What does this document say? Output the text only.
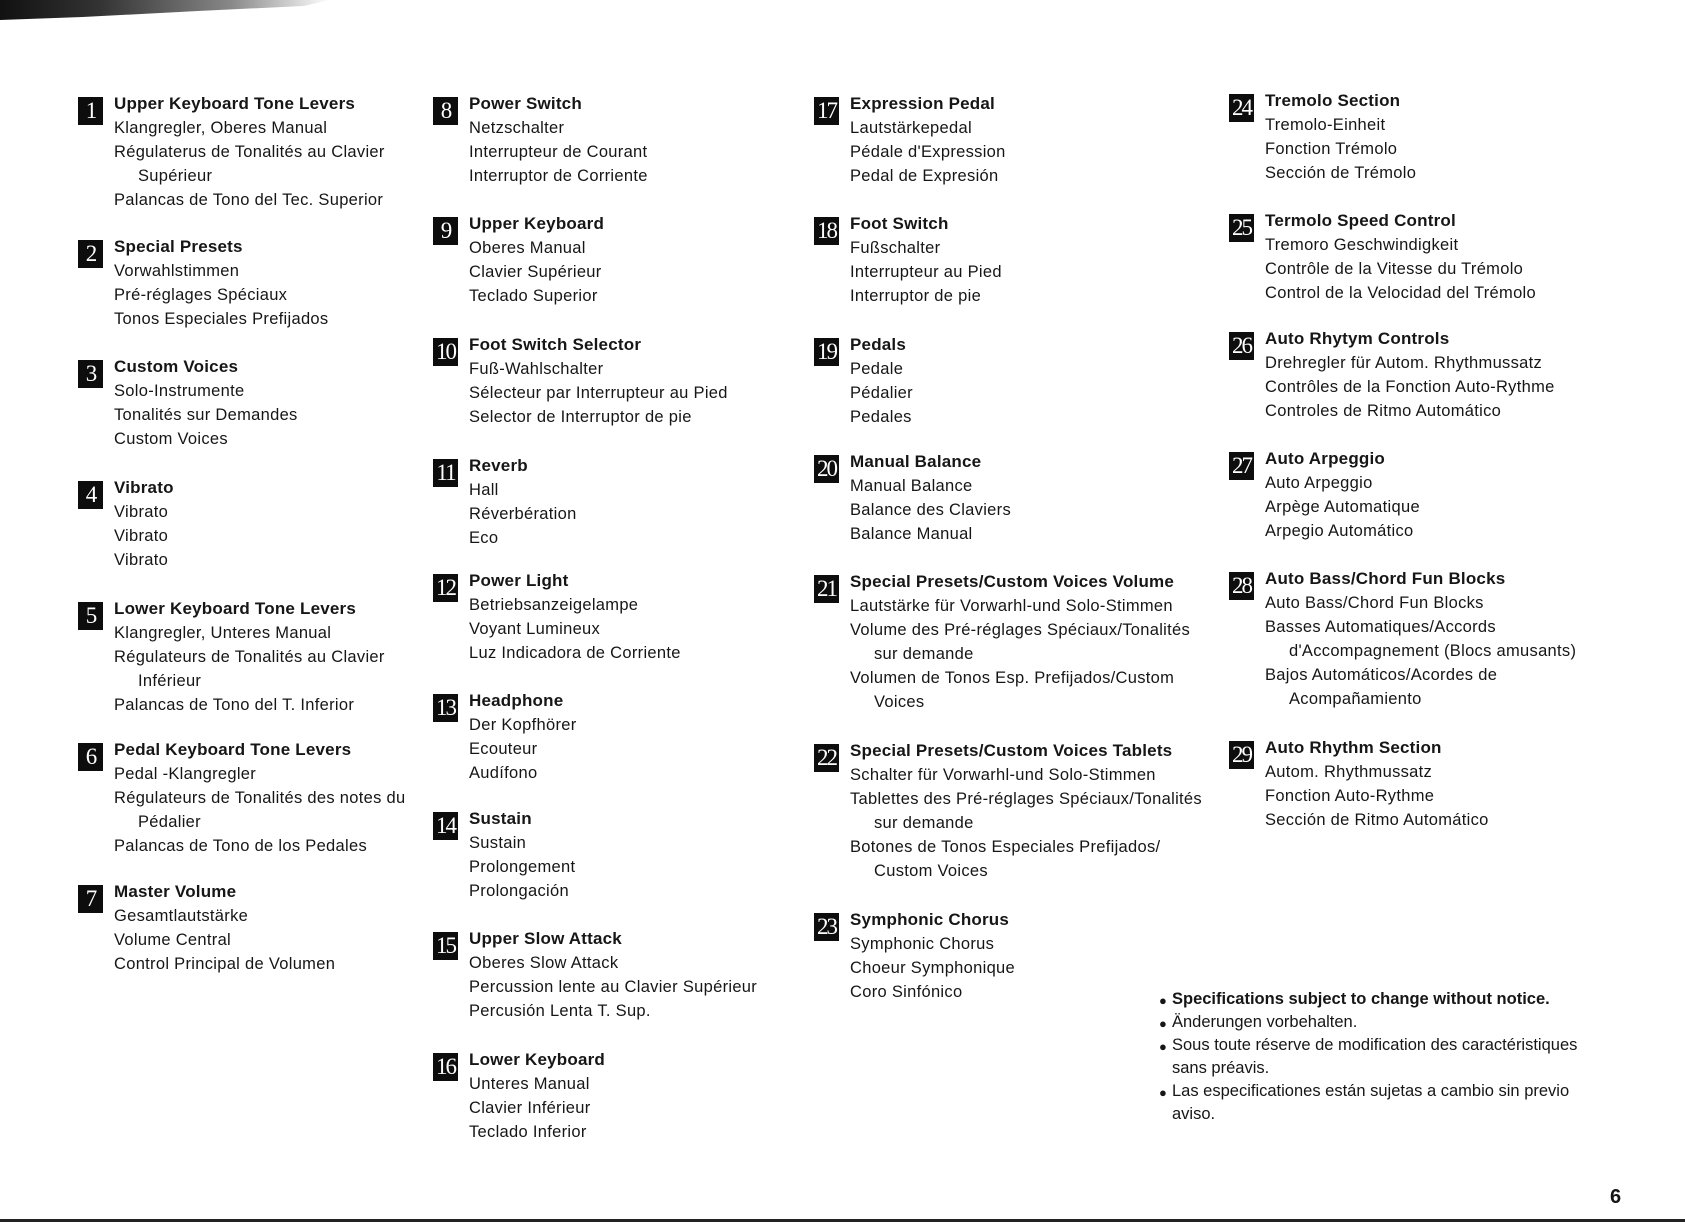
1	Upper Keyboard Tone Levers
Klangregler, Oberes Manual
Régulaterus de Tonalités au Clavier
Supérieur
Palancas de Tono del Tec. Superior
2	Special Presets
Vorwahlstimmen
Pré-réglages Spéciaux
Tonos Especiales Prefijados
3	Custom Voices
Solo-Instrumente
Tonalités sur Demandes
Custom Voices
4	Vibrato
Vibrato
Vibrato
Vibrato
5	Lower Keyboard Tone Levers
Klangregler, Unteres Manual
Régulateurs de Tonalités au Clavier
Inférieur
Palancas de Tono del T. Inferior
6	Pedal Keyboard Tone Levers
Pedal -Klangregler
Régulateurs de Tonalités des notes du
Pédalier
Palancas de Tono de los Pedales
7	Master Volume
Gesamtlautstärke
Volume Central
Control Principal de Volumen
8	Power Switch
Netzschalter
Interrupteur de Courant
Interruptor de Corriente
9	Upper Keyboard
Oberes Manual
Clavier Supérieur
Teclado Superior
10 Foot Switch Selector
Fuß-Wahlschalter
Sélecteur par Interrupteur au Pied
Selector de Interruptor de pie
11 Reverb
Hall
Réverbération
Eco
12 Power Light
Betriebsanzeigelampe
Voyant Lumineux
Luz Indicadora de Corriente
13 Headphone
Der Kopfhörer
Ecouteur
Audífono
14 Sustain
Sustain
Prolongement
Prolongación
15 Upper Slow Attack
Oberes Slow Attack
Percussion lente au Clavier Supérieur
Percusión Lenta T. Sup.
16 Lower Keyboard
Unteres Manual
Clavier Inférieur
Teclado Inferior
17 Expression Pedal
Lautstärkepedal
Pédale d'Expression
Pedal de Expresión
18 Foot Switch
Fußschalter
Interrupteur au Pied
Interruptor de pie
19 Pedals
Pedale
Pédalier
Pedales
20 Manual Balance
Manual Balance
Balance des Claviers
Balance Manual
21 Special Presets/Custom Voices Volume
Lautstärke für Vorwarhl-und Solo-Stimmen
Volume des Pré-réglages Spéciaux/Tonalités
sur demande
Volumen de Tonos Esp. Prefijados/Custom
Voices
22 Special Presets/Custom Voices Tablets
Schalter für Vorwarhl-und Solo-Stimmen
Tablettes des Pré-réglages Spéciaux/Tonalités
sur demande
Botones de Tonos Especiales Prefijados/
Custom Voices
23 Symphonic Chorus
Symphonic Chorus
Choeur Symphonique
Coro Sinfónico
24 Tremolo Section
Tremolo-Einheit
Fonction Trémolo
Sección de Trémolo
25 Termolo Speed Control
Tremoro Geschwindigkeit
Contrôle de la Vitesse du Trémolo
Control de la Velocidad del Trémolo
26 Auto Rhytym Controls
Drehregler für Autom. Rhythmussatz
Contrôles de la Fonction Auto-Rythme
Controles de Ritmo Automático
27 Auto Arpeggio
Auto Arpeggio
Arpège Automatique
Arpegio Automático
28 Auto Bass/Chord Fun Blocks
Auto Bass/Chord Fun Blocks
Basses Automatiques/Accords
d'Accompagnement (Blocs amusants)
Bajos Automáticos/Acordes de
Acompañamiento
29 Auto Rhythm Section
Autom. Rhythmussatz
Fonction Auto-Rythme
Sección de Ritmo Automático
● Specifications subject to change without notice.
● Änderungen vorbehalten.
● Sous toute réserve de modification des caractéristiques
sans préavis.
● Las especificationes están sujetas a cambio sin previo
aviso.
6
